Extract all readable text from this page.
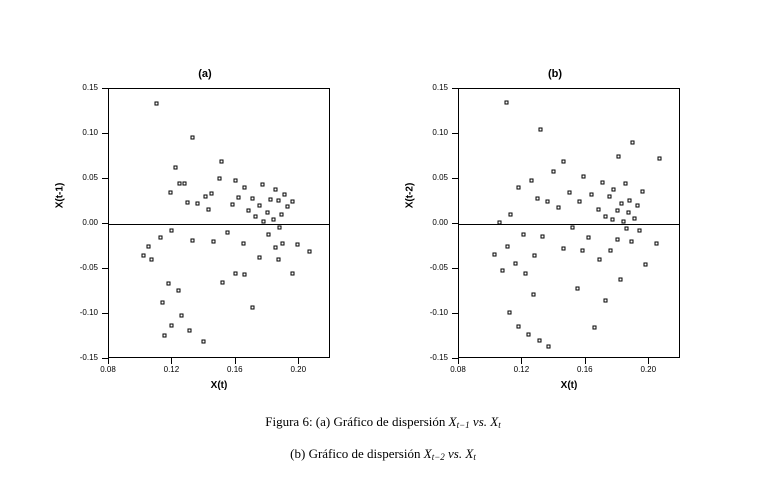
(a)
X(t-1)
X(t)
-0.15
-0.10
-0.05
0.00
0.05
0.10
0.15
0.08	0.12	0.16	0.20
(b)
X(t-2)
X(t)
-0.15
-0.10
-0.05
0.00
0.05
0.10
0.15
0.08	0.12	0.16	0.20
Figura 6: (a) Gráfico de dispersión $X_{t-1}$ vs. $X_t$
(b) Gráfico de dispersión $X_{t-2}$ vs. $X_t$
